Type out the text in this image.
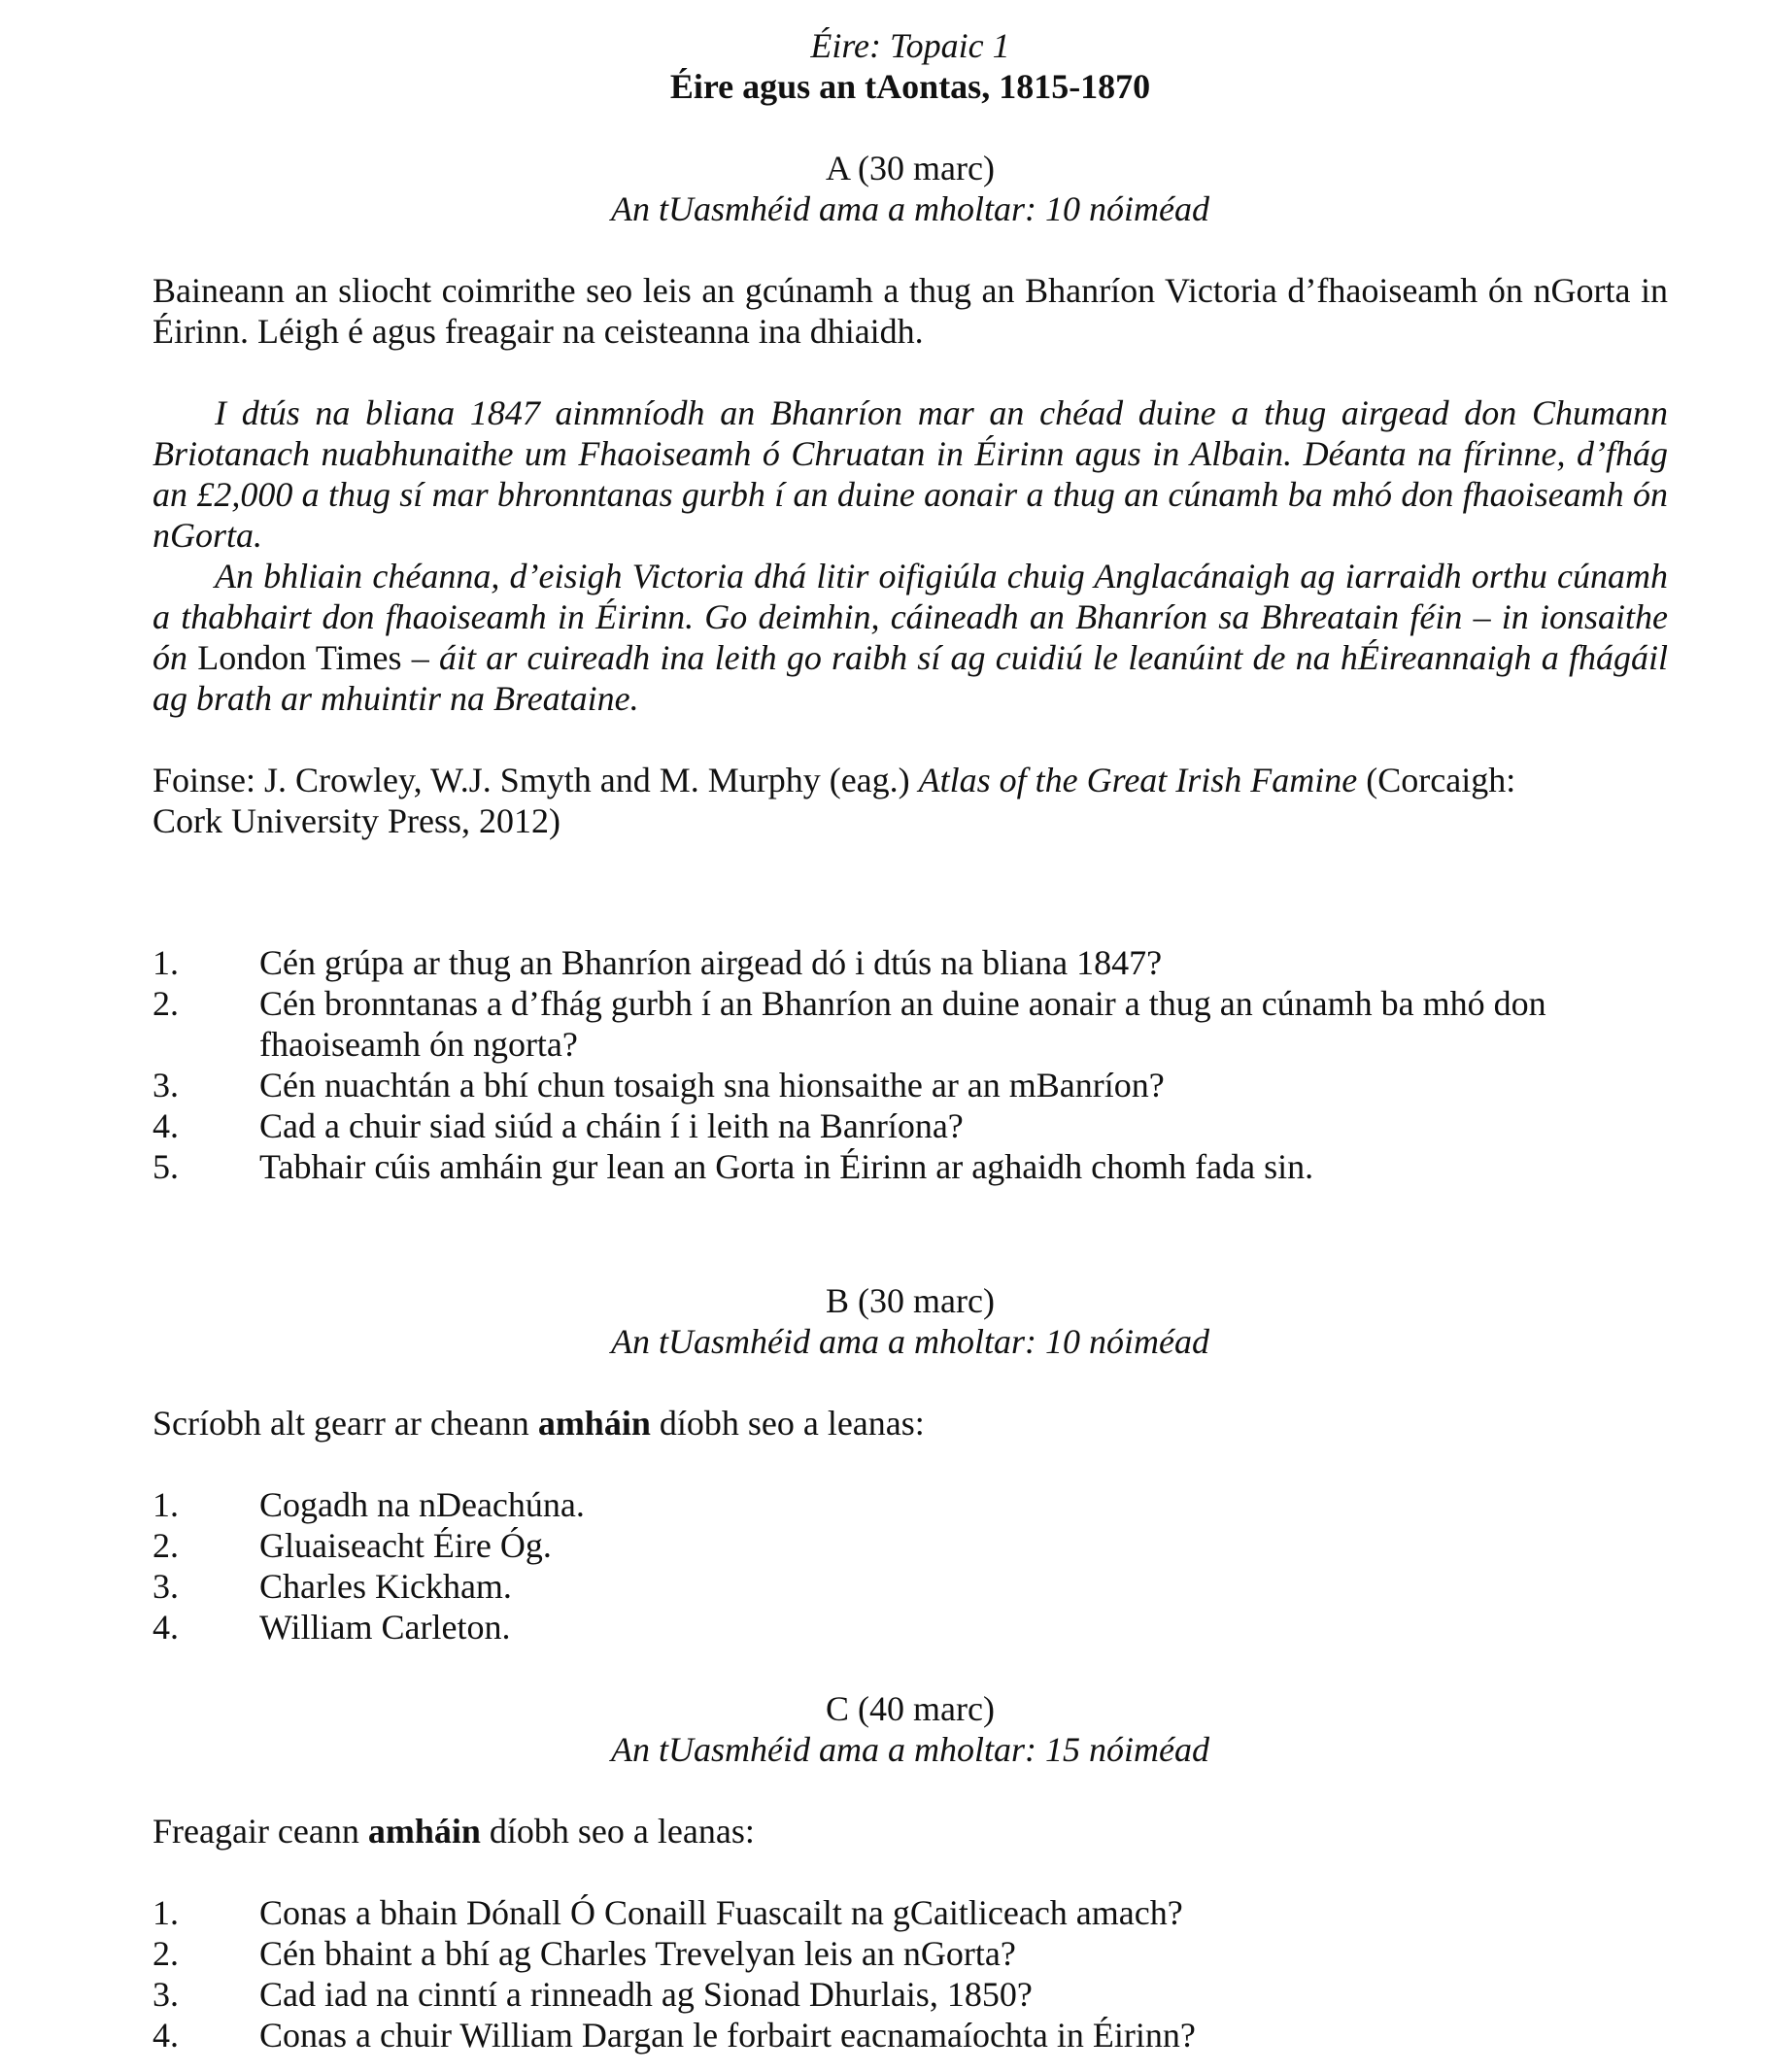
Éire: Topaic 1

Éire agus an tAontas, 1815-1870

A (30 marc)

An tUasmhéid ama a mholtar: 10 nóiméad

Baineann an sliocht coimrithe seo leis an gcúnamh a thug an Bhanríon Victoria d’fhaoiseamh ón nGorta in Éirinn. Léigh é agus freagair na ceisteanna ina dhiaidh.

I dtús na bliana 1847 ainmníodh an Bhanríon mar an chéad duine a thug airgead don Chumann Briotanach nuabhunaithe um Fhaoiseamh ó Chruatan in Éirinn agus in Albain. Déanta na fírinne, d’fhág an £2,000 a thug sí mar bhronntanas gurbh í an duine aonair a thug an cúnamh ba mhó don fhaoiseamh ón nGorta.

An bhliain chéanna, d’eisigh Victoria dhá litir oifigiúla chuig Anglacánaigh ag iarraidh orthu cúnamh a thabhairt don fhaoiseamh in Éirinn. Go deimhin, cáineadh an Bhanríon sa Bhreatain féin – in ionsaithe ón London Times – áit ar cuireadh ina leith go raibh sí ag cuidiú le leanúint de na hÉireannaigh a fhágáil ag brath ar mhuintir na Breataine.

Foinse: J. Crowley, W.J. Smyth and M. Murphy (eag.) Atlas of the Great Irish Famine (Corcaigh: Cork University Press, 2012)

1.	Cén grúpa ar thug an Bhanríon airgead dó i dtús na bliana 1847?
2.	Cén bronntanas a d’fhág gurbh í an Bhanríon an duine aonair a thug an cúnamh ba mhó don fhaoiseamh ón ngorta?
3.	Cén nuachtán a bhí chun tosaigh sna hionsaithe ar an mBanríon?
4.	Cad a chuir siad siúd a cháin í i leith na Banríona?
5.	Tabhair cúis amháin gur lean an Gorta in Éirinn ar aghaidh chomh fada sin.

B (30 marc)

An tUasmhéid ama a mholtar: 10 nóiméad

Scríobh alt gearr ar cheann amháin díobh seo a leanas:

1.	Cogadh na nDeachúna.
2.	Gluaiseacht Éire Óg.
3.	Charles Kickham.
4.	William Carleton.

C (40 marc)

An tUasmhéid ama a mholtar: 15 nóiméad

Freagair ceann amháin díobh seo a leanas:

1.	Conas a bhain Dónall Ó Conaill Fuascailt na gCaitliceach amach?
2.	Cén bhaint a bhí ag Charles Trevelyan leis an nGorta?
3.	Cad iad na cinntí a rinneadh ag Sionad Dhurlais, 1850?
4.	Conas a chuir William Dargan le forbairt eacnamaíochta in Éirinn?
